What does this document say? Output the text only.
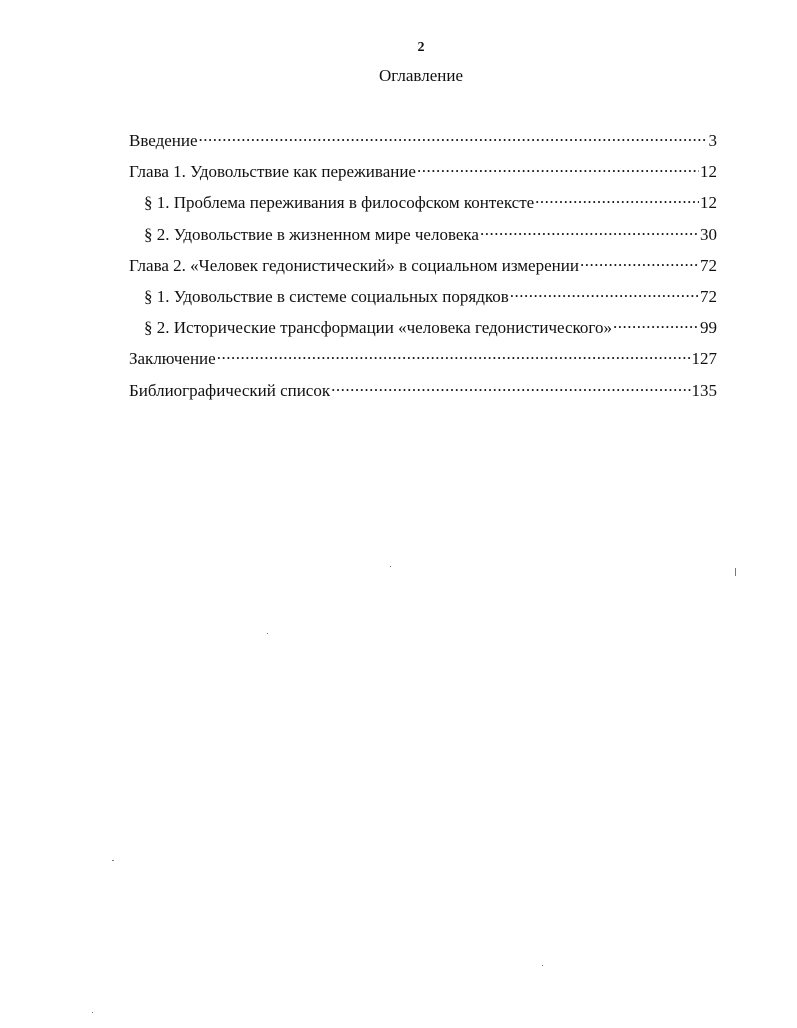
2
Оглавление
Введение .....	3
Глава 1. Удовольствие как переживание .....	12
§ 1. Проблема переживания в философском контексте .....	12
§ 2. Удовольствие в жизненном мире человека .....	30
Глава 2. «Человек гедонистический» в социальном измерении .....	72
§ 1. Удовольствие в системе социальных порядков .....	72
§ 2. Исторические трансформации «человека гедонистического» .....	99
Заключение .....	127
Библиографический список .....	135
